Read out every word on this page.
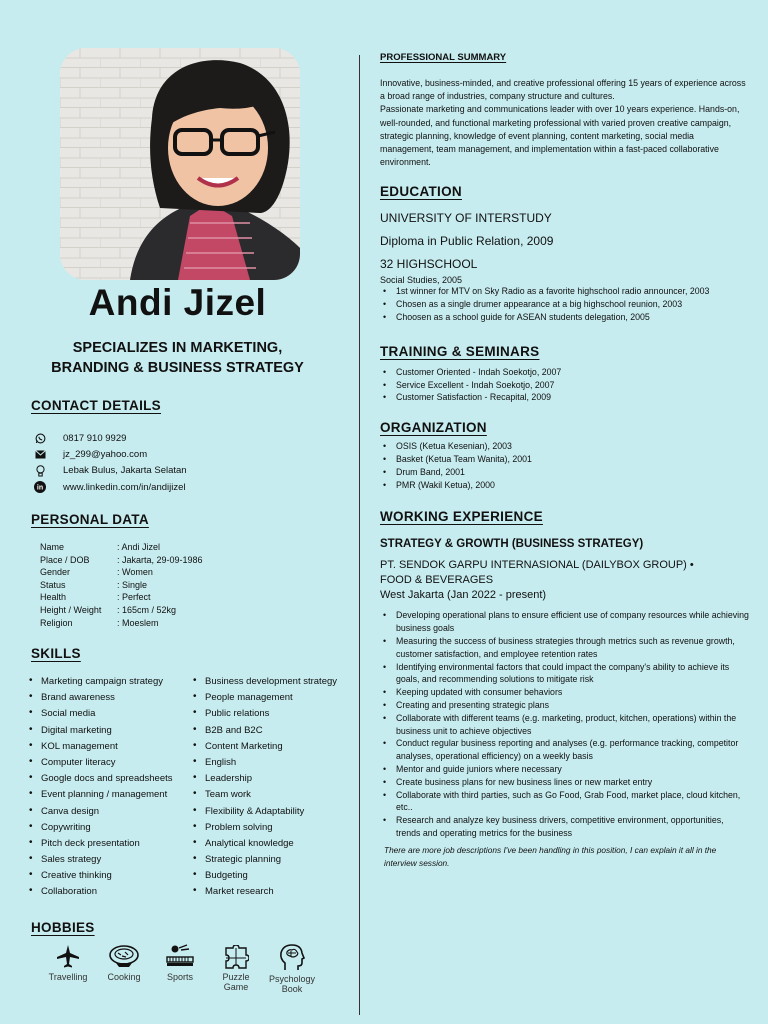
Andi Jizel
SPECIALIZES IN MARKETING,
BRANDING & BUSINESS STRATEGY
CONTACT DETAILS
0817 910 9929
jz_299@yahoo.com
Lebak Bulus, Jakarta Selatan
in www.linkedin.com/in/andijizel
PERSONAL DATA
Name	: Andi Jizel
Place / DOB	: Jakarta, 29-09-1986
Gender	: Women
Status	: Single
Health	: Perfect
Height / Weight	: 165cm / 52kg
Religion	: Moeslem
SKILLS
• Marketing campaign strategy
• Brand awareness
• Social media
• Digital marketing
• KOL management
• Computer literacy
• Google docs and spreadsheets
• Event planning / management
• Canva design
• Copywriting
• Pitch deck presentation
• Sales strategy
• Creative thinking
• Collaboration
• Business development strategy
• People management
• Public relations
• B2B and B2C
• Content Marketing
• English
• Leadership
• Team work
• Flexibility & Adaptability
• Problem solving
• Analytical knowledge
• Strategic planning
• Budgeting
• Market research
HOBBIES
Travelling	Cooking	Sports	Puzzle
Game
Psychology
Book
PROFESSIONAL SUMMARY
Innovative, business-minded, and creative professional offering 15 years of experience across a broad range of industries, company structure and cultures.
Passionate marketing and communications leader with over 10 years experience. Hands-on, well-rounded, and functional marketing professional with varied proven creative campaign, strategic planning, knowledge of event planning, content marketing, social media management, team management, and implementation within a fast-paced collaborative environment.
EDUCATION
UNIVERSITY OF INTERSTUDY
Diploma in Public Relation, 2009
32 HIGHSCHOOL
Social Studies, 2005
• 1st winner for MTV on Sky Radio as a favorite highschool radio announcer, 2003
• Chosen as a single drumer appearance at a big highschool reunion, 2003
• Choosen as a school guide for ASEAN students delegation, 2005
TRAINING & SEMINARS
• Customer Oriented - Indah Soekotjo, 2007
• Service Excellent - Indah Soekotjo, 2007
• Customer Satisfaction - Recapital, 2009
ORGANIZATION
• OSIS (Ketua Kesenian), 2003
• Basket (Ketua Team Wanita), 2001
• Drum Band, 2001
• PMR (Wakil Ketua), 2000
WORKING EXPERIENCE
STRATEGY & GROWTH (BUSINESS STRATEGY)
PT. SENDOK GARPU INTERNASIONAL (DAILYBOX GROUP) •
FOOD & BEVERAGES
West Jakarta (Jan 2022 - present)
• Developing operational plans to ensure efficient use of company resources while achieving business goals
• Measuring the success of business strategies through metrics such as revenue growth, customer satisfaction, and employee retention rates
• Identifying environmental factors that could impact the company's ability to achieve its goals, and recommending solutions to mitigate risk
• Keeping updated with consumer behaviors
• Creating and presenting strategic plans
• Collaborate with different teams (e.g. marketing, product, kitchen, operations) within the business unit to achieve objectives
• Conduct regular business reporting and analyses (e.g. performance tracking, competitor analyses, operational efficiency) on a weekly basis
• Mentor and guide juniors where necessary
• Create business plans for new business lines or new market entry
• Collaborate with third parties, such as Go Food, Grab Food, market place, cloud kitchen, etc..
• Research and analyze key business drivers, competitive environment, opportunities, trends and operating metrics for the business
There are more job descriptions I've been handling in this position, I can explain it all in the interview session.
